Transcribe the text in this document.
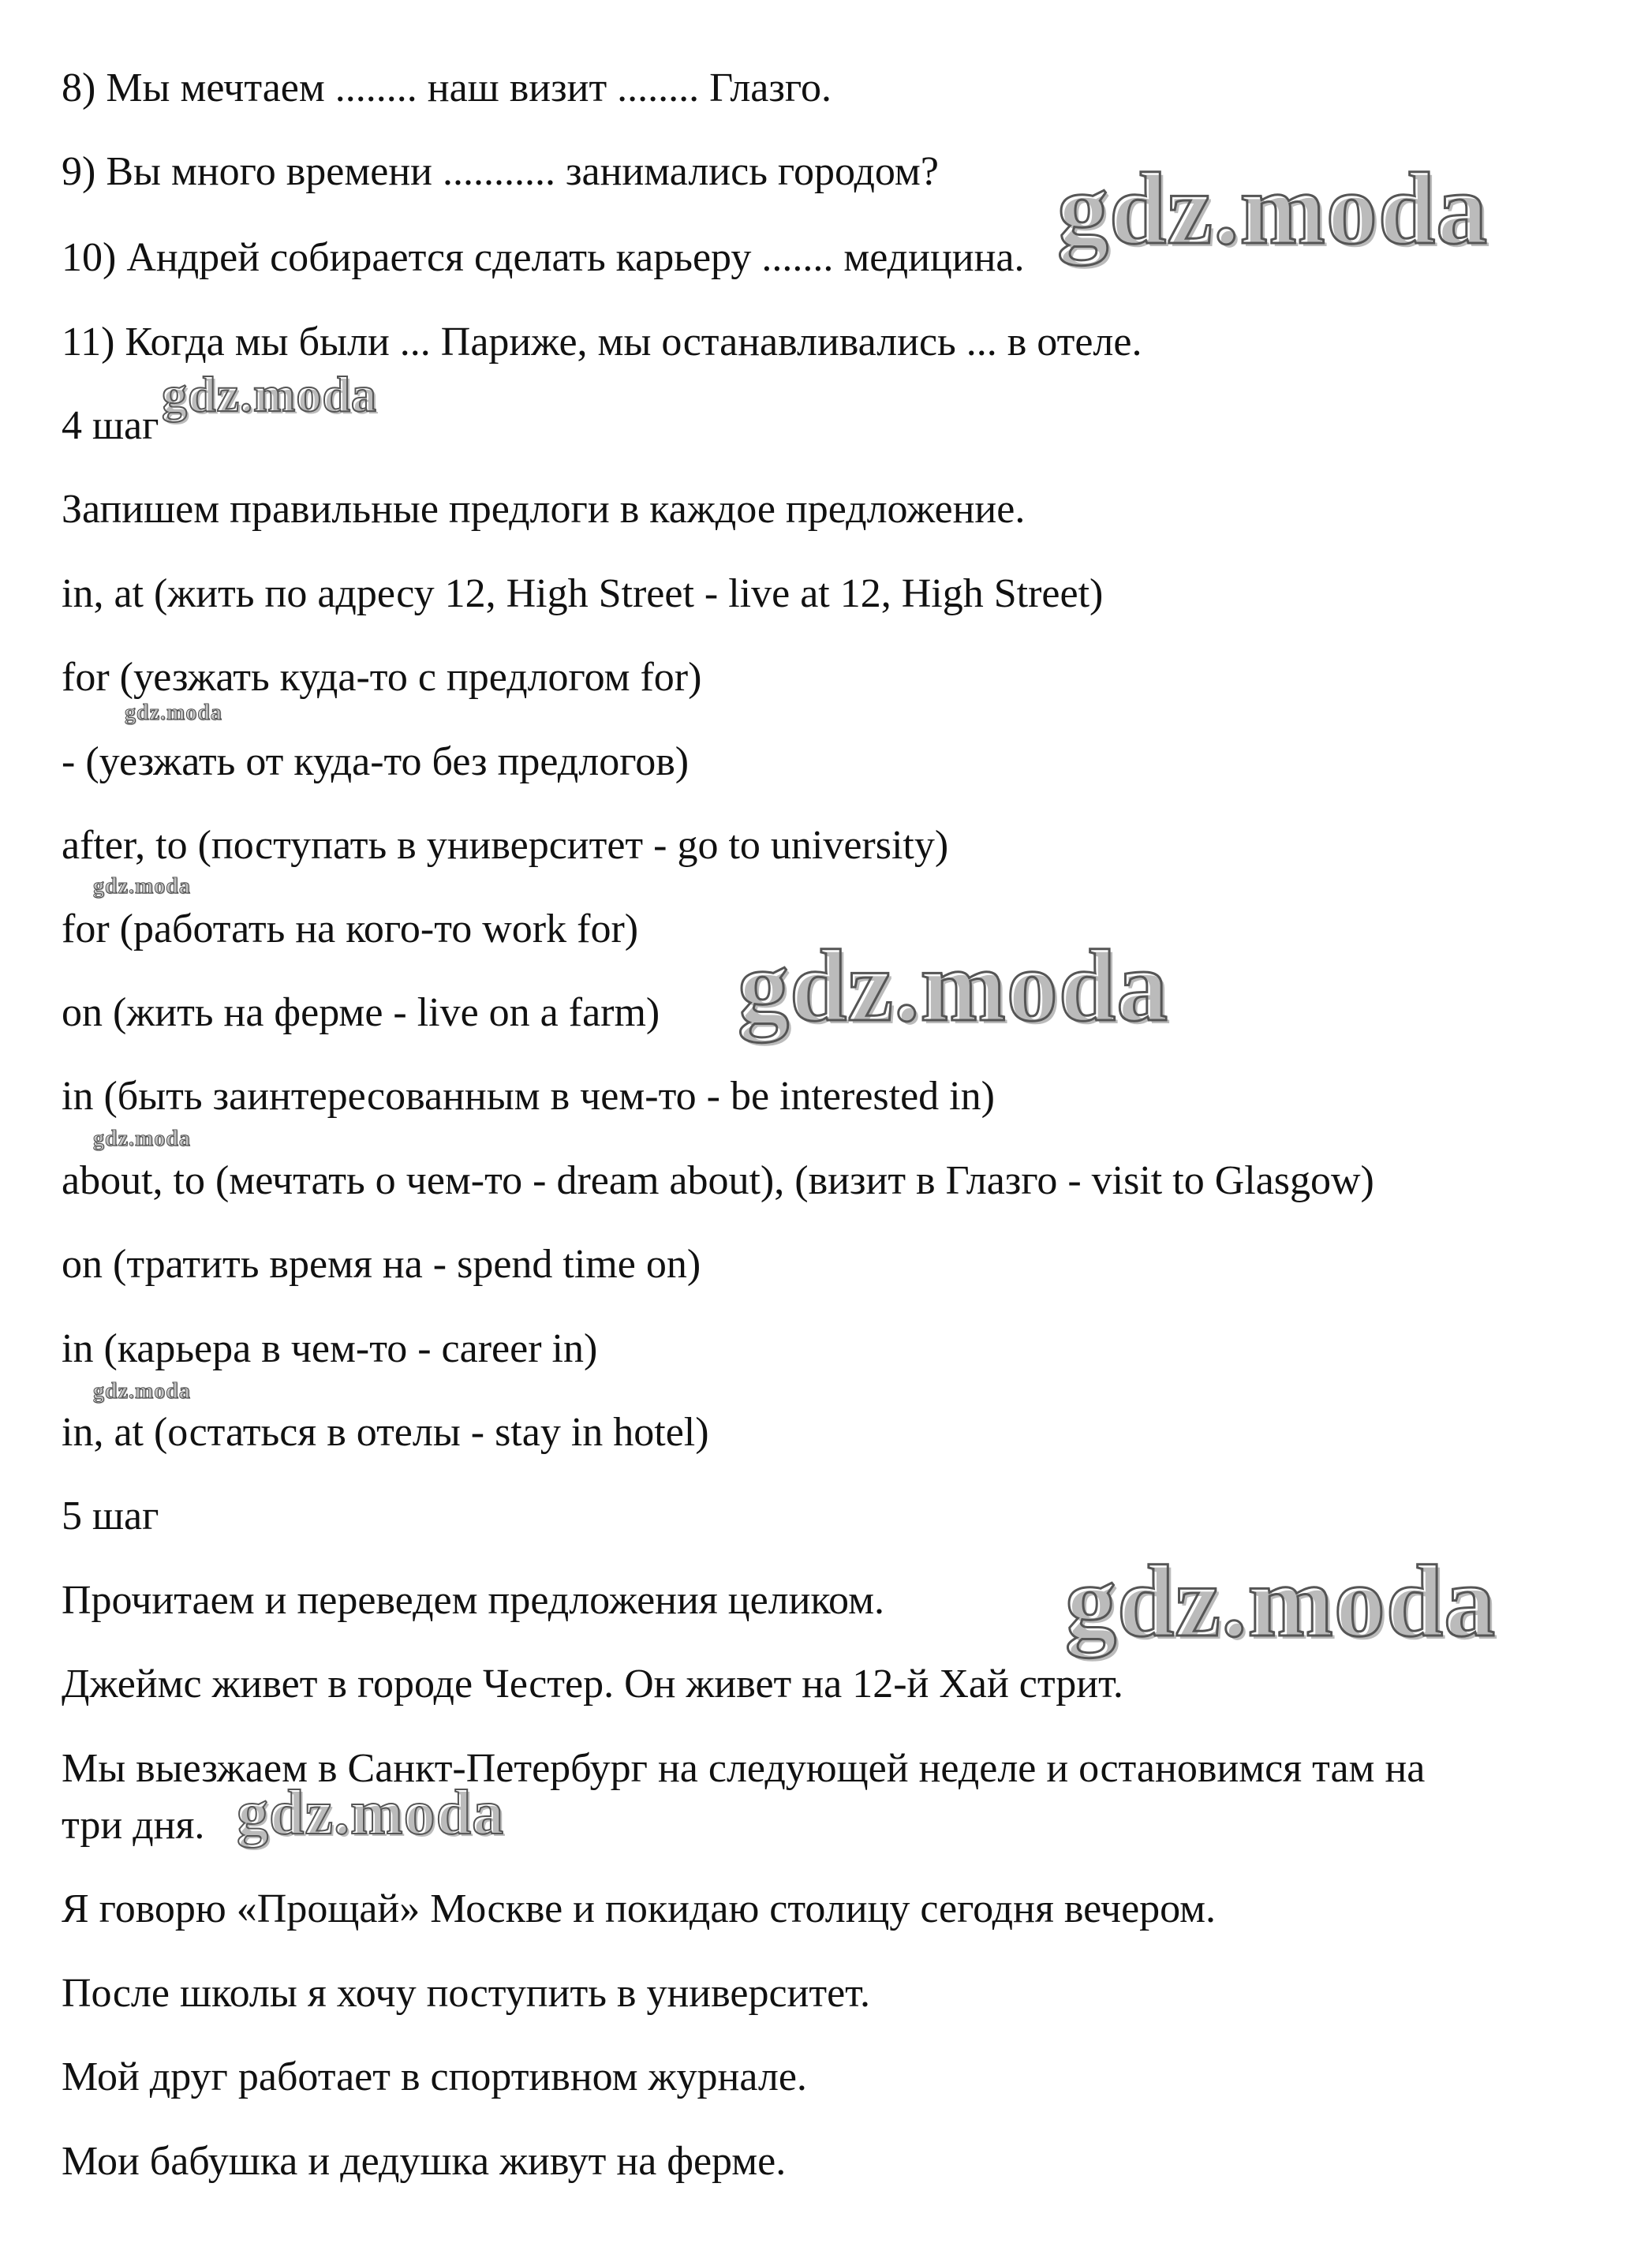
8) Мы мечтаем ........ наш визит ........ Глазго.

9) Вы много времени ........... занимались городом?

10) Андрей собирается сделать карьеру ....... медицина.

11) Когда мы были ... Париже, мы останавливались ... в отеле.

4 шаг

Запишем правильные предлоги в каждое предложение.

in, at (жить по адресу 12, High Street - live at 12, High Street)

for (уезжать куда-то с предлогом for)

- (уезжать от куда-то без предлогов)

after, to (поступать в университет - go to university)

for (работать на кого-то work for)

on (жить на ферме - live on a farm)

in (быть заинтересованным в чем-то - be interested in)

about, to (мечтать о чем-то - dream about), (визит в Глазго - visit to Glasgow)

on (тратить время на - spend time on)

in (карьера в чем-то - career in)

in, at (остаться в отелы - stay in hotel)

5 шаг

Прочитаем и переведем предложения целиком.

Джеймс живет в городе Честер. Он живет на 12-й Хай стрит.

Мы выезжаем в Санкт-Петербург на следующей неделе и остановимся там на

три дня.

Я говорю «Прощай» Москве и покидаю столицу сегодня вечером.

После школы я хочу поступить в университет.

Мой друг работает в спортивном журнале.

Мои бабушка и дедушка живут на ферме.

gdz.moda
gdz.moda
gdz.moda
gdz.moda
gdz.moda
gdz.moda
gdz.moda
gdz.moda
gdz.moda
